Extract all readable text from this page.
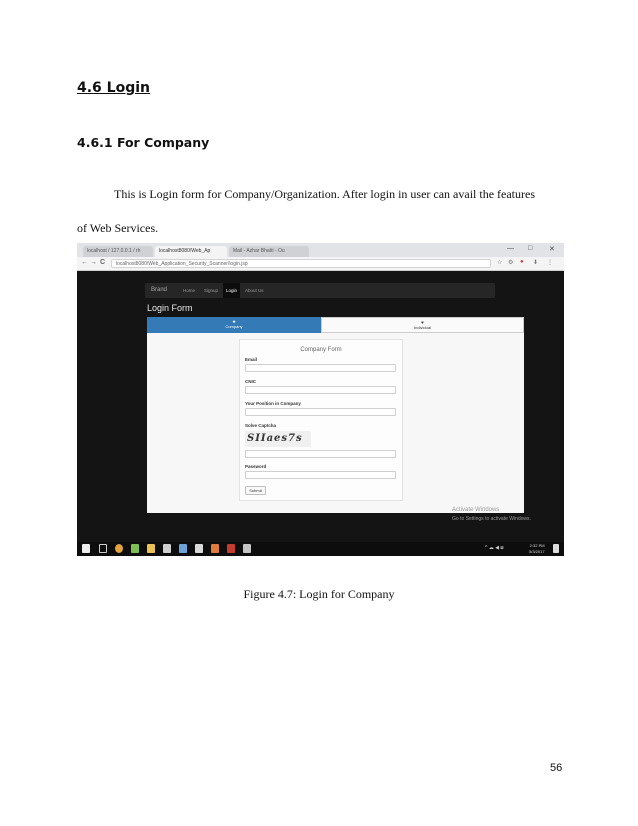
4.6 Login
4.6.1 For Company
This is Login form for Company/Organization. After login in user can avail the features
of Web Services.
localhost / 127.0.0.1 / rh	localhost8080/Web_Ap	Mail - Azhar Bhatti - Ou	— □ ✕
← → C	localhost8080/Web_Application_Security_Scanner/login.jsp	☆ ⚙ ● ⬇ ⋮
Brand	Home Signup	Login	About Us
Login Form
★
Company
♥
Individual
Company Form
Email
CNIC
Your Position in Company
Solve Captcha
SIIaes7s
Password
Submit
Activate Windows
Go to Settings to activate Windows.
^ ☁ ◀ ⧈	2:32 PM
5/3/2017
Figure 4.7: Login for Company
56
